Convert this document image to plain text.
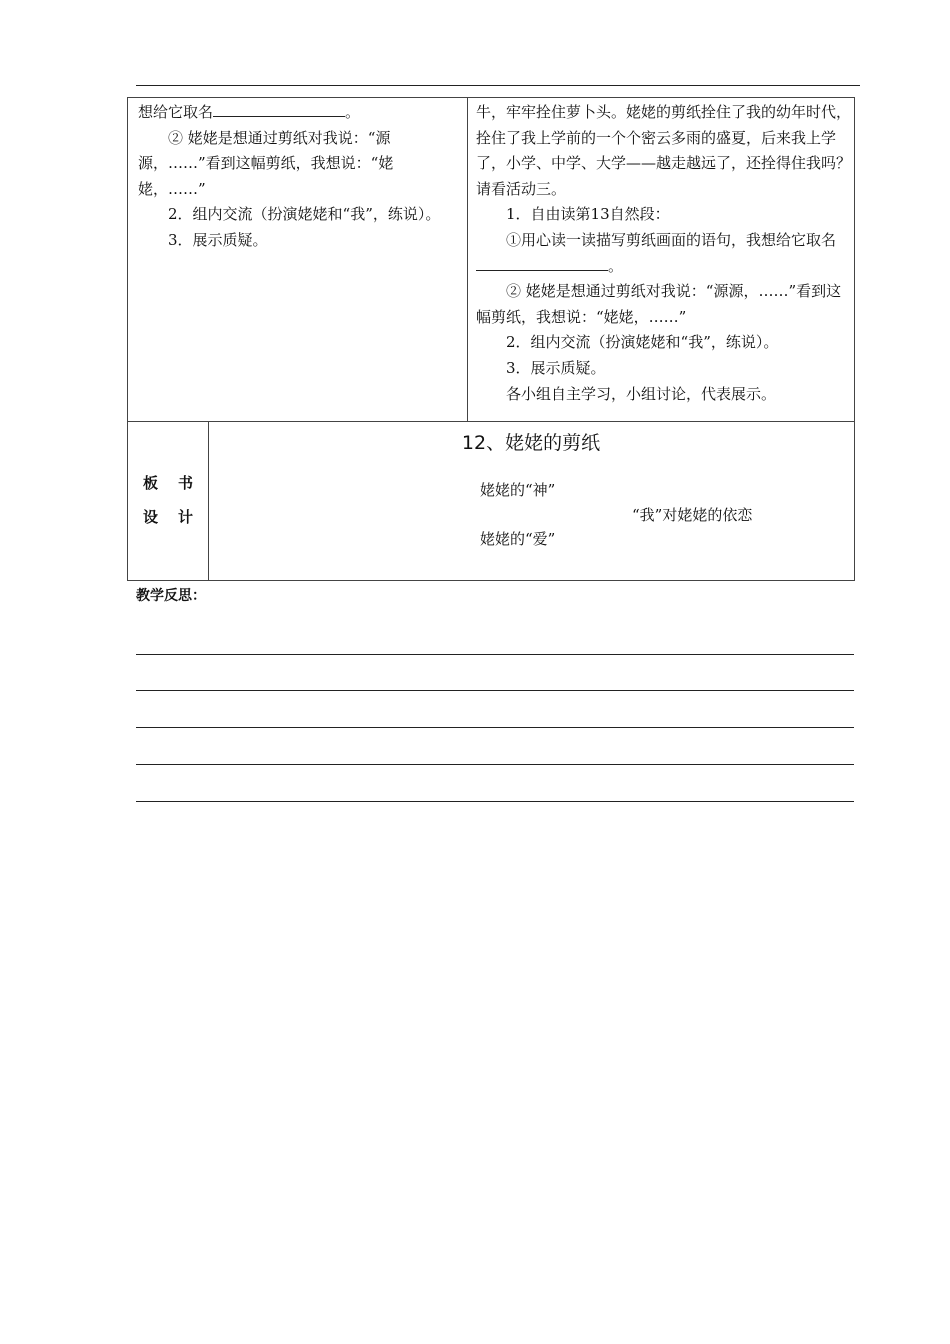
想给它取名	。

② 姥姥是想通过剪纸对我说：“源源，……”看到这幅剪纸，我想说：“姥姥，……”

2．组内交流（扮演姥姥和“我”，练说）。

3．展示质疑。

牛，牢牢拴住萝卜头。姥姥的剪纸拴住了我的幼年时代，拴住了我上学前的一个个密云多雨的盛夏，后来我上学了，小学、中学、大学——越走越远了，还拴得住我吗？请看活动三。

1．自由读第13自然段：

①用心读一读描写剪纸画面的语句，我想给它取名。

② 姥姥是想通过剪纸对我说：“源源，……”看到这幅剪纸，我想说：“姥姥，……”

2．组内交流（扮演姥姥和“我”，练说）。

3．展示质疑。

各小组自主学习，小组讨论，代表展示。

板 书
设 计
12、姥姥的剪纸
姥姥的“神”
“我”对姥姥的依恋
姥姥的“爱”
教学反思：
